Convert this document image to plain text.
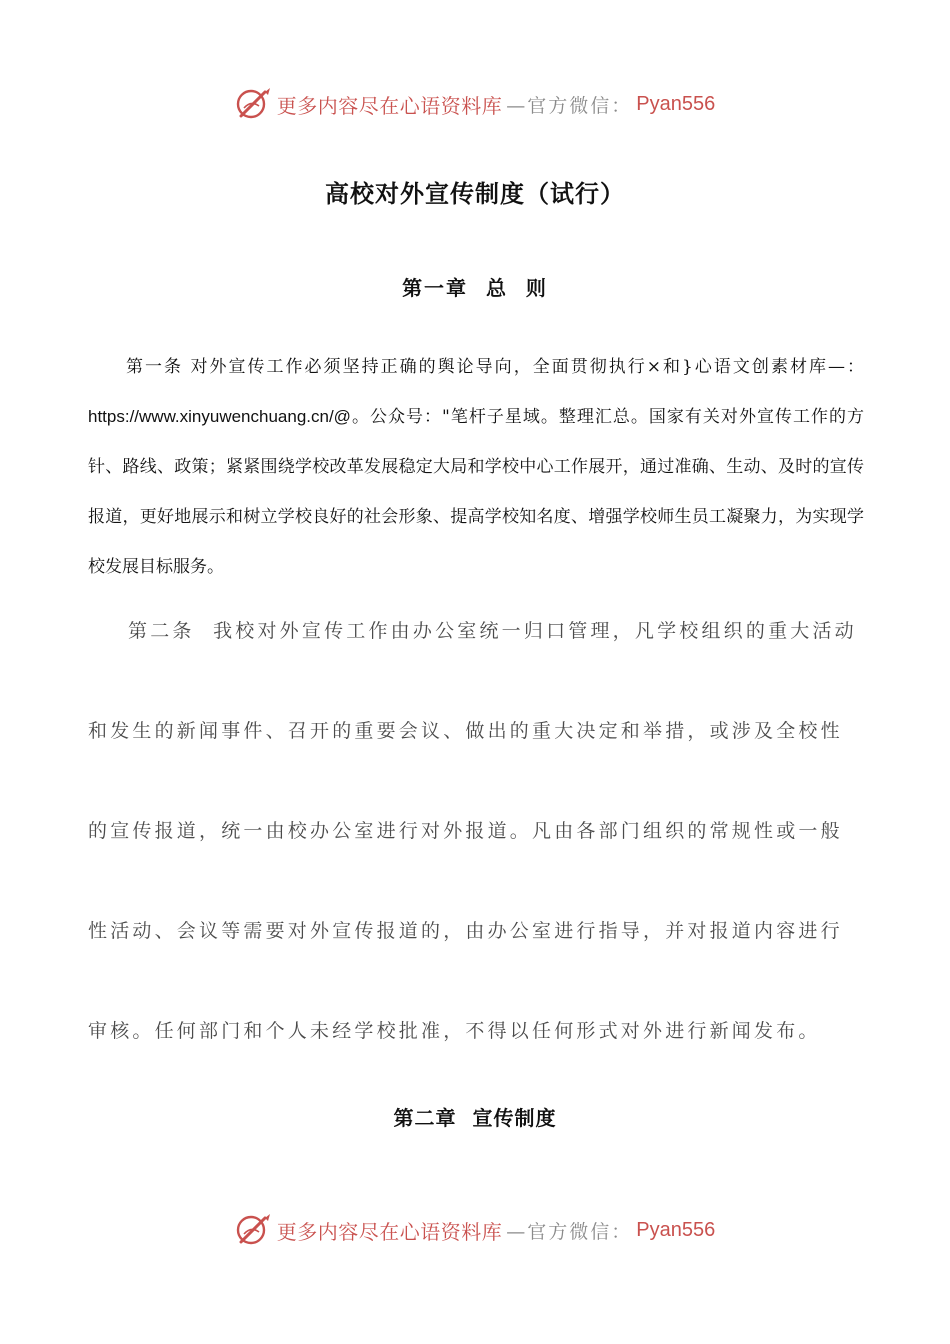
更多内容尽在心语资料库 —官方微信： Pyan556
高校对外宣传制度（试行）
第一章  总  则
第一条 对外宣传工作必须坚持正确的舆论导向，全面贯彻执行×和}心语文创素材库—：https://www.xinyuwenchuang.cn/@。公众号："笔杆子星域。整理汇总。国家有关对外宣传工作的方针、路线、政策；紧紧围绕学校改革发展稳定大局和学校中心工作展开，通过准确、生动、及时的宣传报道，更好地展示和树立学校良好的社会形象、提高学校知名度、增强学校师生员工凝聚力，为实现学校发展目标服务。
第二条  我校对外宣传工作由办公室统一归口管理，凡学校组织的重大活动
和发生的新闻事件、召开的重要会议、做出的重大决定和举措，或涉及全校性
的宣传报道，统一由校办公室进行对外报道。凡由各部门组织的常规性或一般
性活动、会议等需要对外宣传报道的，由办公室进行指导，并对报道内容进行
审核。任何部门和个人未经学校批准，不得以任何形式对外进行新闻发布。
第二章  宣传制度
更多内容尽在心语资料库 —官方微信： Pyan556
